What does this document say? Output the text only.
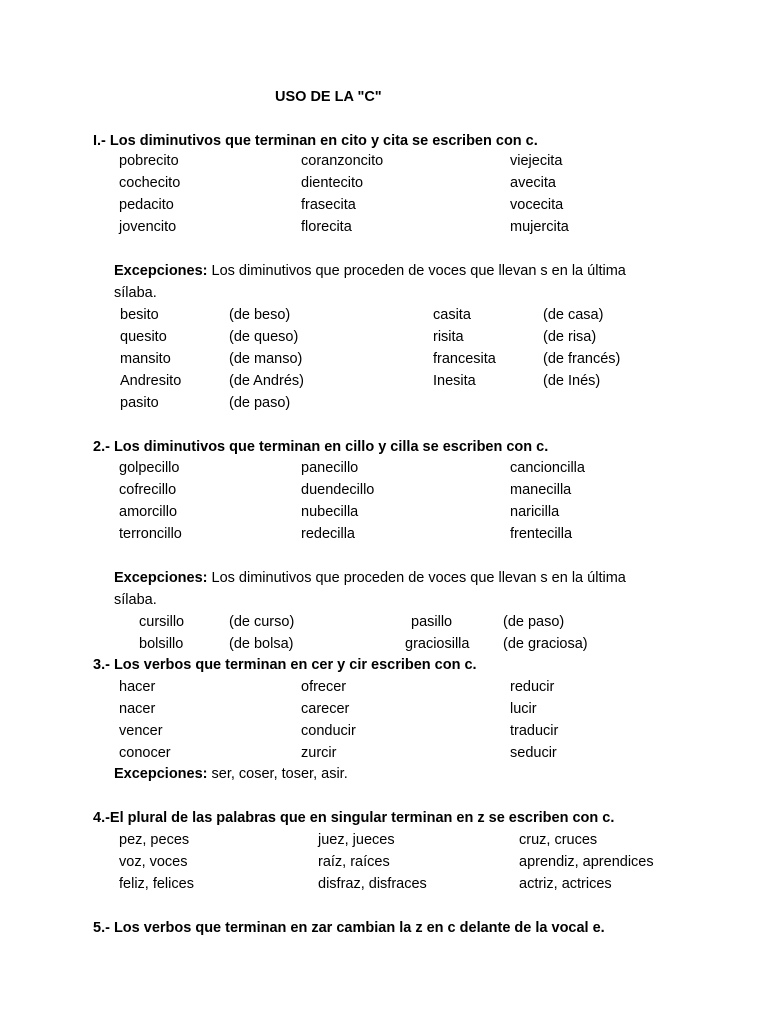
USO DE LA "C"
I.- Los diminutivos que terminan en cito y cita se escriben con c.
pobrecito	coranzoncito	viejecita
cochecito	dientecito	avecita
pedacito	frasecita	vocecita
jovencito	florecita	mujercita
Excepciones: Los diminutivos que proceden de voces que llevan s en la última
sílaba.
besito	(de beso)	casita	(de casa)
quesito	(de queso)	risita	(de risa)
mansito	(de manso)	francesita	(de francés)
Andresito	(de Andrés)	Inesita	(de Inés)
pasito	(de paso)
2.- Los diminutivos que terminan en cillo y cilla se escriben con c.
golpecillo	panecillo	cancioncilla
cofrecillo	duendecillo	manecilla
amorcillo	nubecilla	naricilla
terroncillo	redecilla	frentecilla
Excepciones: Los diminutivos que proceden de voces que llevan s en la última
sílaba.
cursillo	(de curso)	pasillo	(de paso)
bolsillo	(de bolsa)	graciosilla (de graciosa)
3.- Los verbos que terminan en cer y cir escriben con c.
hacer	ofrecer	reducir
nacer	carecer	lucir
vencer	conducir	traducir
conocer	zurcir	seducir
Excepciones: ser, coser, toser, asir.
4.-El plural de las palabras que en singular terminan en z se escriben con c.
pez, peces	juez, jueces	cruz, cruces
voz, voces	raíz, raíces	aprendiz, aprendices
feliz, felices	disfraz, disfraces	actriz, actrices
5.- Los verbos que terminan en zar cambian la z en c delante de la vocal e.
